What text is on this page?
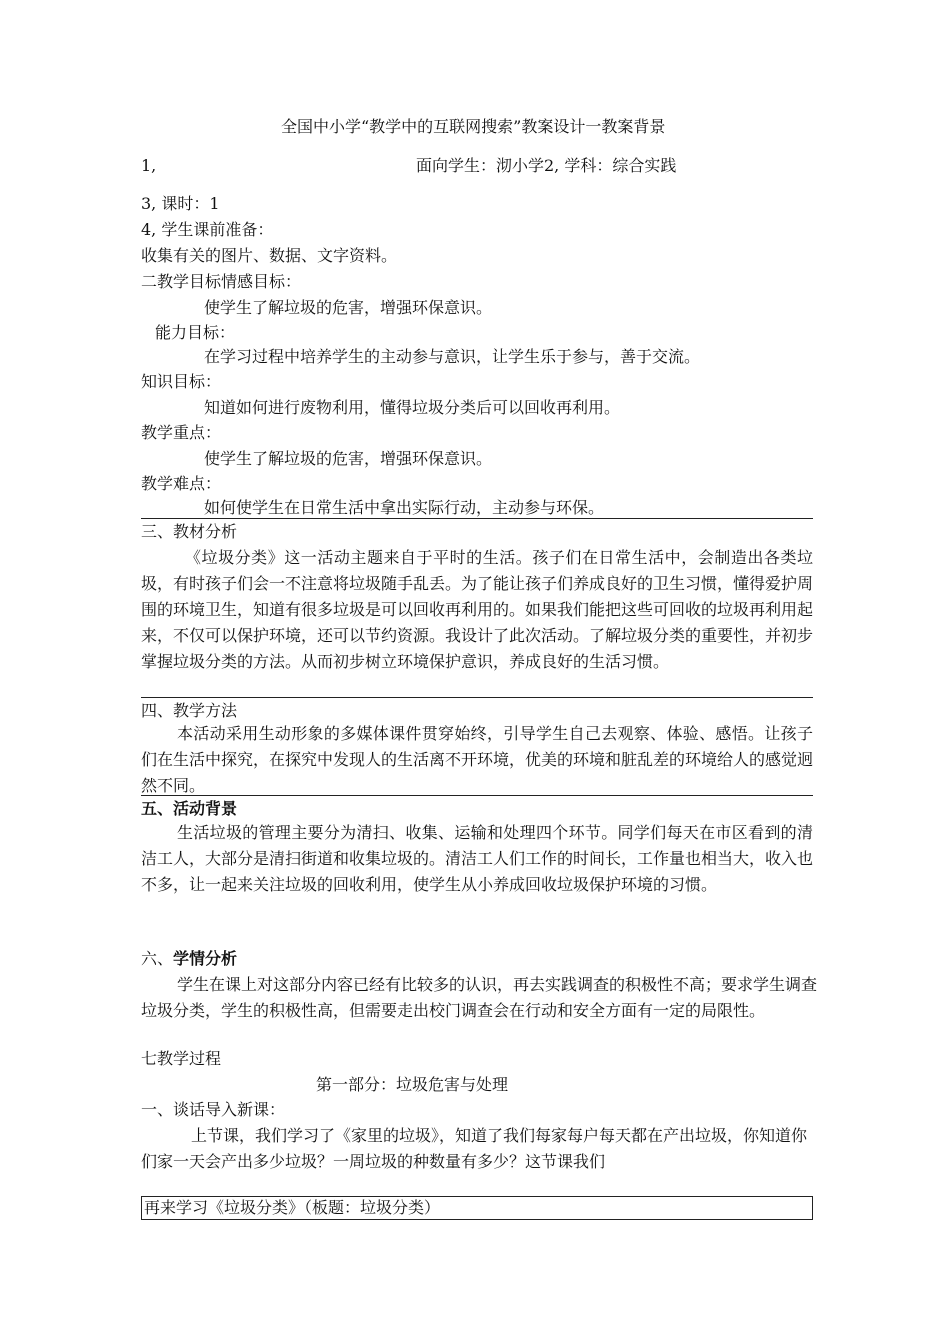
全国中小学“教学中的互联网搜索”教案设计一教案背景
1,	面向学生：沏小学2, 学科：综合实践
3, 课时：1
4, 学生课前准备：
收集有关的图片、数据、文字资料。
二教学目标情感目标：
使学生了解垃圾的危害，增强环保意识。
能力目标：
在学习过程中培养学生的主动参与意识，让学生乐于参与，善于交流。
知识目标：
知道如何进行废物利用，懂得垃圾分类后可以回收再利用。
教学重点：
使学生了解垃圾的危害，增强环保意识。
教学难点：
如何使学生在日常生活中拿出实际行动，主动参与环保。
三、教材分析
《垃圾分类》这一活动主题来自于平时的生活。孩子们在日常生活中，会制造出各类垃圾，有时孩子们会一不注意将垃圾随手乱丢。为了能让孩子们养成良好的卫生习惯，懂得爱护周围的环境卫生，知道有很多垃圾是可以回收再利用的。如果我们能把这些可回收的垃圾再利用起来，不仅可以保护环境，还可以节约资源。我设计了此次活动。了解垃圾分类的重要性，并初步掌握垃圾分类的方法。从而初步树立环境保护意识，养成良好的生活习惯。
四、教学方法
本活动采用生动形象的多媒体课件贯穿始终，引导学生自己去观察、体验、感悟。让孩子们在生活中探究，在探究中发现人的生活离不开环境，优美的环境和脏乱差的环境给人的感觉迥然不同。
五、活动背景
生活垃圾的管理主要分为清扫、收集、运输和处理四个环节。同学们每天在市区看到的清洁工人，大部分是清扫街道和收集垃圾的。清洁工人们工作的时间长，工作量也相当大，收入也不多，让一起来关注垃圾的回收利用，使学生从小养成回收垃圾保护环境的习惯。
六、学情分析
学生在课上对这部分内容已经有比较多的认识，再去实践调查的积极性不高；要求学生调查垃圾分类，学生的积极性高，但需要走出校门调查会在行动和安全方面有一定的局限性。
七教学过程
第一部分：垃圾危害与处理
一、谈话导入新课：
上节课，我们学习了《家里的垃圾》，知道了我们每家每户每天都在产出垃圾，你知道你们家一天会产出多少垃圾？一周垃圾的种数量有多少？这节课我们
再来学习《垃圾分类》（板题：垃圾分类）
